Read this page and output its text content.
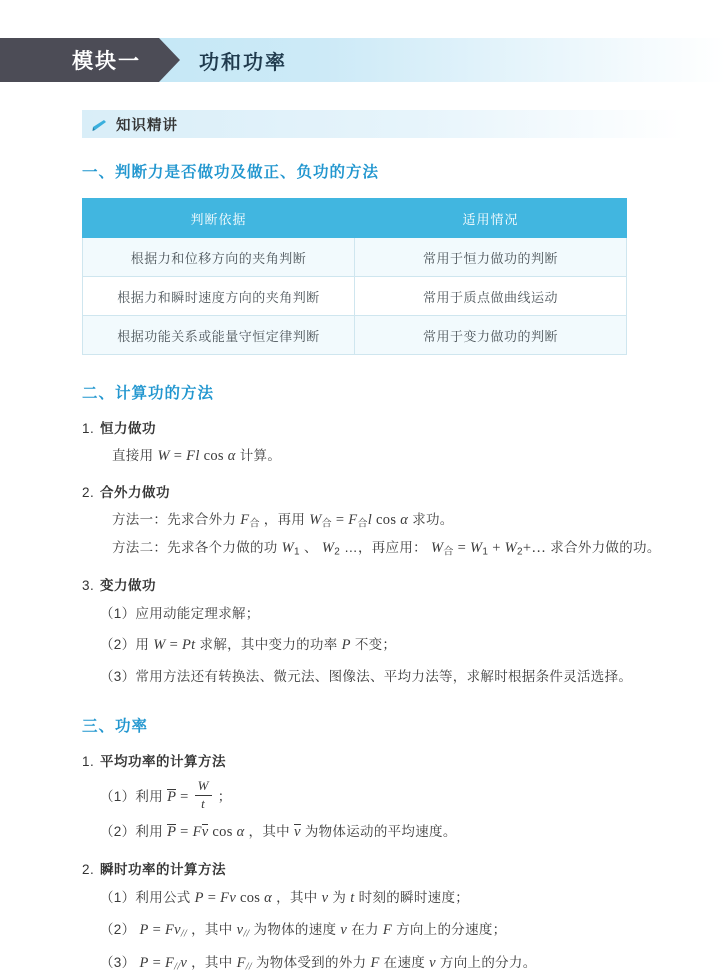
模块一	功和功率
知识精讲
一、判断力是否做功及做正、负功的方法
判断依据	适用情况
根据力和位移方向的夹角判断	常用于恒力做功的判断
根据力和瞬时速度方向的夹角判断	常用于质点做曲线运动
根据功能关系或能量守恒定律判断	常用于变力做功的判断
二、计算功的方法
1. 恒力做功
直接用 W = Fl cos α 计算。
2. 合外力做功
方法一：先求合外力 F合 ，再用 W合 = F合l cos α 求功。
方法二：先求各个力做的功 W1 、 W2 …，再应用： W合 = W1 + W2+… 求合外力做的功。
3. 变力做功
（1）应用动能定理求解；
（2）用 W = Pt 求解，其中变力的功率 P 不变；
（3）常用方法还有转换法、微元法、图像法、平均力法等，求解时根据条件灵活选择。
三、功率
1. 平均功率的计算方法
（1）利用 $P = \frac{W}{t}$ ；
（2）利用 P = Fv cos α ，其中 v 为物体运动的平均速度。
2. 瞬时功率的计算方法
（1）利用公式 P = Fv cos α ，其中 v 为 t 时刻的瞬时速度；
（2） P = Fv// ，其中 v// 为物体的速度 v 在力 F 方向上的分速度；
（3） P = F//v ，其中 F// 为物体受到的外力 F 在速度 v 方向上的分力。
